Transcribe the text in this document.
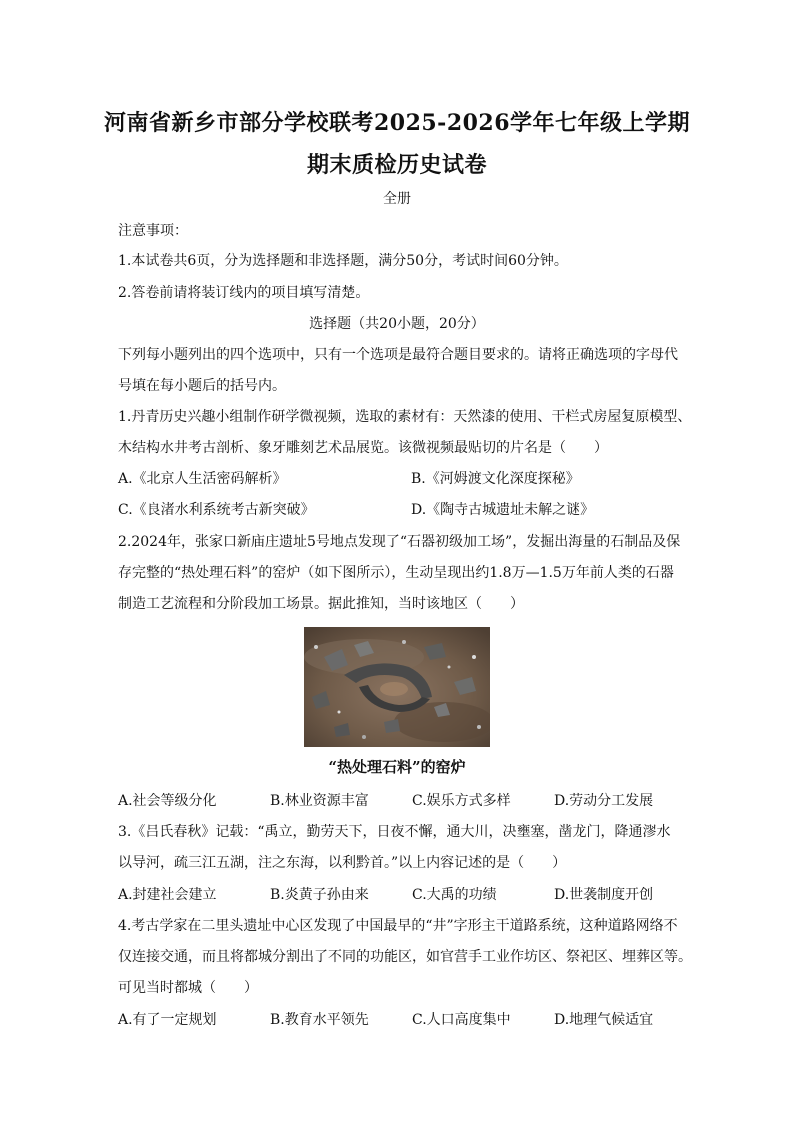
河南省新乡市部分学校联考2025-2026学年七年级上学期
期末质检历史试卷
全册
注意事项：
1.本试卷共6页，分为选择题和非选择题，满分50分，考试时间60分钟。
2.答卷前请将装订线内的项目填写清楚。
选择题（共20小题，20分）
下列每小题列出的四个选项中，只有一个选项是最符合题目要求的。请将正确选项的字母代
号填在每小题后的括号内。
1.丹青历史兴趣小组制作研学微视频，选取的素材有：天然漆的使用、干栏式房屋复原模型、
木结构水井考古剖析、象牙雕刻艺术品展览。该微视频最贴切的片名是（　　）
A.《北京人生活密码解析》	B.《河姆渡文化深度探秘》
C.《良渚水利系统考古新突破》	D.《陶寺古城遗址未解之谜》
2.2024年，张家口新庙庄遗址5号地点发现了“石器初级加工场”，发掘出海量的石制品及保
存完整的“热处理石料”的窑炉（如下图所示），生动呈现出约1.8万—1.5万年前人类的石器
制造工艺流程和分阶段加工场景。据此推知，当时该地区（　　）
“热处理石料”的窑炉
A.社会等级分化	B.林业资源丰富	C.娱乐方式多样	D.劳动分工发展
3.《吕氏春秋》记载：“禹立，勤劳天下，日夜不懈，通大川，决壅塞，凿龙门，降通漻水
以导河，疏三江五湖，注之东海，以利黔首。”以上内容记述的是（　　）
A.封建社会建立	B.炎黄子孙由来	C.大禹的功绩	D.世袭制度开创
4.考古学家在二里头遗址中心区发现了中国最早的“井”字形主干道路系统，这种道路网络不
仅连接交通，而且将都城分割出了不同的功能区，如官营手工业作坊区、祭祀区、埋葬区等。
可见当时都城（　　）
A.有了一定规划	B.教育水平领先	C.人口高度集中	D.地理气候适宜
